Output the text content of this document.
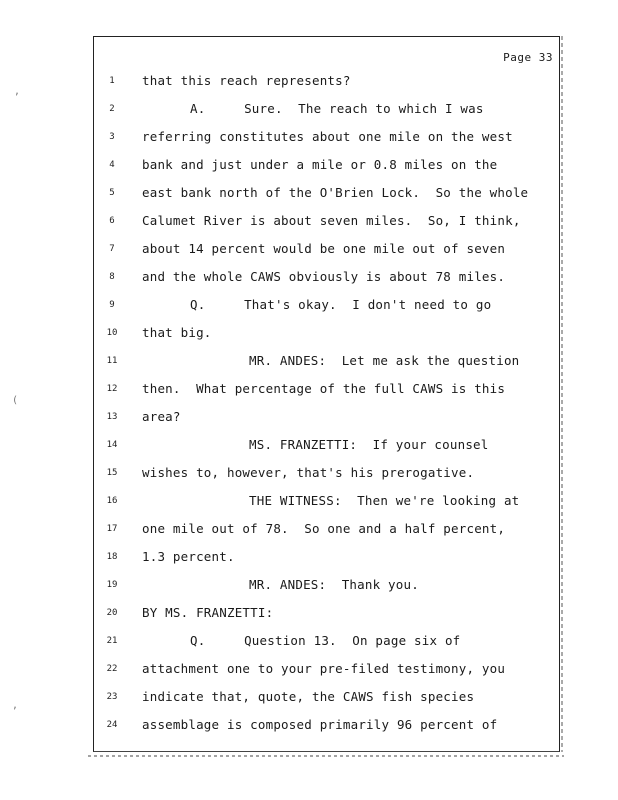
Page 33
1	that this reach represents?
2	A.     Sure.  The reach to which I was
3	referring constitutes about one mile on the west
4	bank and just under a mile or 0.8 miles on the
5	east bank north of the O'Brien Lock.  So the whole
6	Calumet River is about seven miles.  So, I think,
7	about 14 percent would be one mile out of seven
8	and the whole CAWS obviously is about 78 miles.
9	Q.     That's okay.  I don't need to go
10	that big.
11	MR. ANDES:  Let me ask the question
12	then.  What percentage of the full CAWS is this
13	area?
14	MS. FRANZETTI:  If your counsel
15	wishes to, however, that's his prerogative.
16	THE WITNESS:  Then we're looking at
17	one mile out of 78.  So one and a half percent,
18	1.3 percent.
19	MR. ANDES:  Thank you.
20	BY MS. FRANZETTI:
21	Q.     Question 13.  On page six of
22	attachment one to your pre-filed testimony, you
23	indicate that, quote, the CAWS fish species
24	assemblage is composed primarily 96 percent of
,
(
,
